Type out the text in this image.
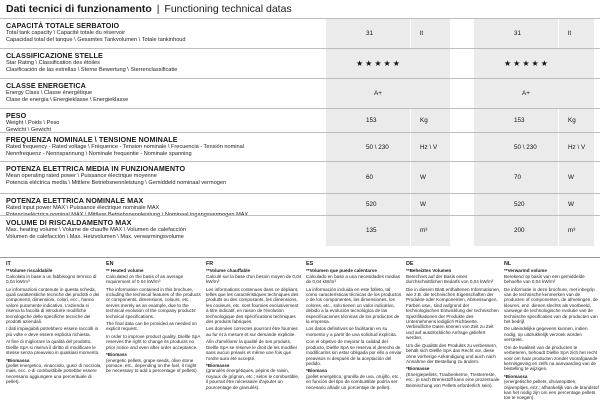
Dati tecnici di funzionamento | Functioning technical datas
CAPACITÀ TOTALE SERBATOIO
Total tank capacity \ Capacité totale du réservoir
Capacidad total del tanque \ Gesamtes Tankvolumen \ Totale tankinhoud
31	lt	31	lt
CLASSIFICAZIONE STELLE
Star Rating \ Classification des étoiles
Clasificación de las estrellas \ Sterne Bewertung \ Sterrenclassificatie
★★★★★	★★★★★
CLASSE ENERGETICA
Energy Class \ Classe énergétique
Clase de energía \ Energieklasse \ Energieklasse
A+	A+
PESO
Weight \ Poids \ Peso
Gewicht \ Gewicht
153	Kg	153	Kg
FREQUENZA NOMINALE \ TENSIONE NOMINALE
Rated frequency - Rated voltage \ Fréquence - Tension nominale \ Frecuencia - Tensión nominal
Nennfrequenz - Nennspannung \ Nominale frequentie - Nominale spanning
50 \ 230	Hz \ V	50 \ 230	Hz \ V
POTENZA ELETTRICA MEDIA IN FUNZIONAMENTO
Mean operating rated power \ Puissance électrique moyenne
Potencia eléctrica media \ Mittlere Betriebsnennleistung \ Gemiddeld nominaal vermogen
60	W	70	W
POTENZA ELETTRICA NOMINALE MAX
Rated input power MAX \ Puissance électrique nominale MAX
Potenciaeléctrica nominal MAX \ Mittlere Betriebsnennleistung \ Nominaal ingangsvermogen MAX
520	W	520	W
VOLUME DI RISCALDAMENTO MAX
Max. heating volume \ Volume de chauffe MAX \ Volumen de calefacción
Volumen de calefacción \ Max. Heizvolumen \ Max. verwarmingsvolume
135	m³	200	m³
IT
**Volume riscaldabile
Calcolato in base a un fabbisogno termico di 0,04 kW/m³
Le informazioni contenute in questa scheda, quali caratteristiche tecniche dei prodotti o dei componenti, dimensioni, colori, ecc., hanno valore puramente indicativo. L'azienda si riserva la facoltà di introdurre modifiche tecnologiche delle specifiche tecniche dei prodotti aziendali.
I dati impiegabili potrebbero essere raccolti in più volte e deve essere esplicita richiesta.
Al fine di migliorare la qualità del prodotto, Diellle SpA si riserva il diritto di modificare le stesse senza preavviso in qualsiasi momento.
*Biomassa
(pellet energetico, vinacciolo, gusci di nocciola, mais, ecc. o di combustibile potrebbe essere necessario aggiungere una percentuale di pellet).
EN
** Heated volume
Calculated on the basis of an average requirement of 0.04 kW/m³
The information contained in this brochure, including the technical features of the products or components, dimensions, colours, etc., serves merely as an example, due to the technical evolution of the company products' technical specifications.
The final data can be provided as needed on explicit request.
In order to improve product quality, Diellle SpA reserves the right to change its products no prior notice and even after order acceptance.
*Biomass
(energetic pellets, grape seeds, olive stone pomace, etc., depending on the fuel, it might be necessary to add a percentage of pellets).
FR
**Volume chauffable
Calculé sur la base d'un besoin moyen de 0,04 kW/m³
Les informations contenues dans ce dépliant, telles que les caractéristiques techniques des produits ou des composants, les dimensions, les couleurs, etc. sont fournies exclusivement à titre indicatif, en raison de l'évolution technologique des spécifications techniques des produits fabriqués.
Les données correctes pourront être fournies au fur et à mesure et sur demande explicite.
Afin d'améliorer la qualité de ses produits, Diellle SpA se réserve le droit de les modifier sans aucun préavis et même une fois que l'ordre aura été accepté.
*Biomasse
(granulés énergétiques, pépins de raisin, noyaux de grignon, etc.; selon le combustible, il pourrait être nécessaire d'ajouter un pourcentage de granulés).
ES
**Volumen que puede calentarse
Calculado en base a una necesidades medias de 0,04 kW/m³
La información incluida en este folleto, tal como características técnicas de los productos o de los componentes, las dimensiones, los colores, etc., solo tienen un valor indicativo, debido a la evolución tecnológica de las especificaciones técnicas de los productos de la empresa.
Los datos definitivos se facilitarán en su momento y a partir de una solicitud explícita.
Con el objetivo de mejorar la calidad del producto, Diellle SpA se reserva el derecho de modificarlos sin estar obligada por ello a enviar preavisos ni después de la aceptación del pedido.
*Biomasa
(pellet energético, granilla de uva, orujillo, etc., en función del tipo de combustible podría ser necesario añadir un porcentaje de pellet).
DE
**Beheiztes Volumen
Berechnet auf der Basis eines durchschnittlichen Bedarfs von 0,04 kW/m³
Die in diesem Blatt enthaltenen Informationen, wie z.B. die technischen Eigenschaften der Produkte oder Komponenten, Abmessungen, Farben usw., sind aufgrund der technologischen Entwicklung der technischen Spezifikationen der Produkte des Unternehmens lediglich Richtwerte. Verbindliche Daten können von Zeit zu Zeit und auf ausdrückliche Anfrage geliefert werden.
Um die Qualität des Produkts zu verbessern, behält sich Diellle SpA das Recht vor, diese ohne vorherige Ankündigung und auch nach Annahme der Bestellung zu ändern.
*Biomasse
(Energiepellets, Traubenkerne, Tresterreste, etc.; je nach Brennstoff kann eine prozentuale Beimischung von Pellets erforderlich sein).
NL
**Verwarmd volume
Berekend op basis van een gemiddelde behoefte van 0,04 kW/m³
De informatie in deze brochure, met inbegrip van de technische kenmerken van de producten of componenten, de afmetingen, de kleuren, enz. dienen slechts als voorbeeld, vanwege de technologische evolutie van de technische specificaties van de producten van het bedrijf.
De uiteindelijke gegevens kunnen, indien nodig, op uitdrukkelijk verzoek worden verstrekt.
Om de kwaliteit van de producten te verbeteren, behoudt Diellle SpA zich het recht voor om haar producten zonder voorafgaande kennisgeving en zelfs na aanvaarding van de bestelling te wijzigen.
*Biomassa
(energetische pellets, druivenpitten, olijvenpitjes, enz.; afhankelijk van de brandstof kan het nodig zijn om een percentage pellets toe te voegen).
